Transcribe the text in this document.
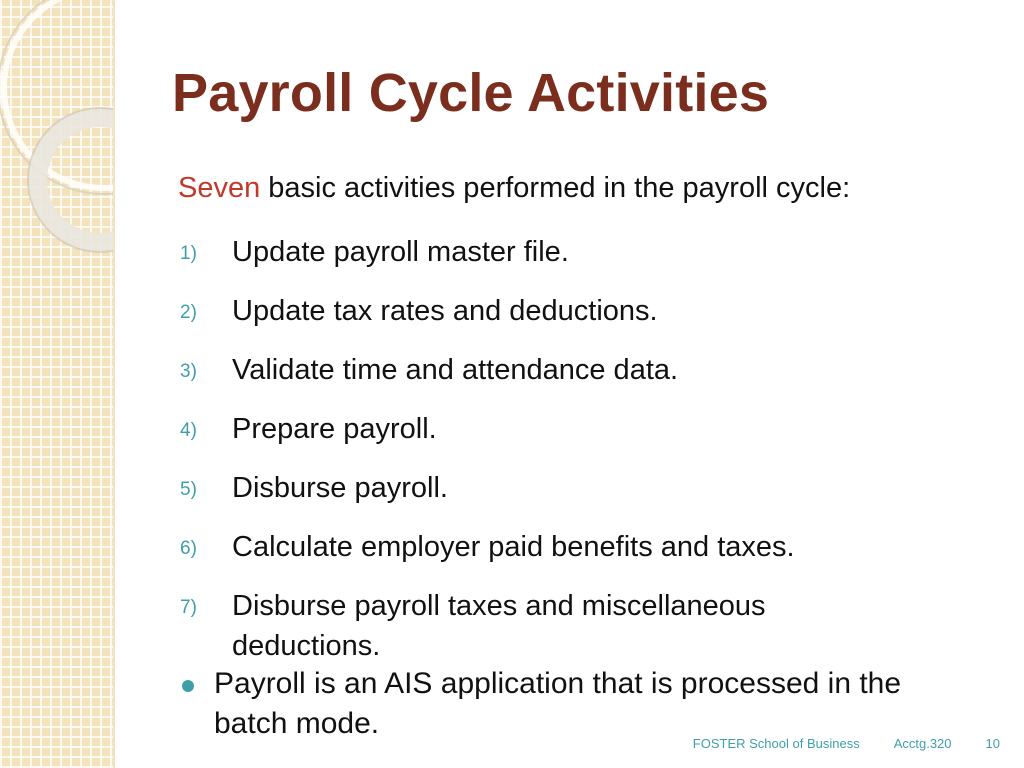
Payroll Cycle Activities
Seven basic activities performed in the payroll cycle:
1) Update payroll master file.
2) Update tax rates and deductions.
3) Validate time and attendance data.
4) Prepare payroll.
5) Disburse payroll.
6) Calculate employer paid benefits and taxes.
7) Disburse payroll taxes and miscellaneous deductions.
Payroll is an AIS application that is processed in the batch mode.
FOSTER School of Business	Acctg.320	10
